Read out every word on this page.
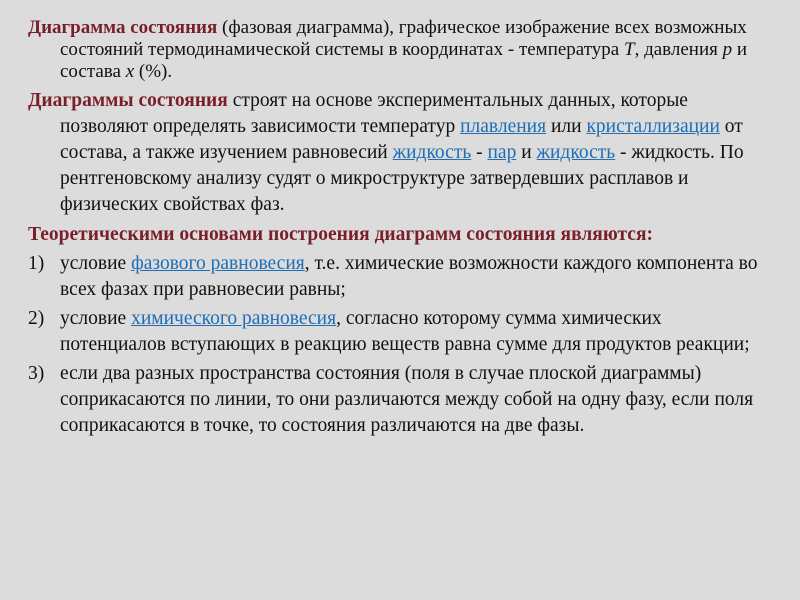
Диаграмма состояния (фазовая диаграмма), графическое изображение всех возможных состояний термодинамической системы в координатах - температура T, давления p и состава x (%).

Диаграммы состояния строят на основе экспериментальных данных, которые позволяют определять зависимости температур плавления или кристаллизации от состава, а также изучением равновесий жидкость - пар и жидкость - жидкость. По рентгеновскому анализу судят о микроструктуре затвердевших расплавов и физических свойствах фаз.

Теоретическими основами построения диаграмм состояния являются:

1) условие фазового равновесия, т.е. химические возможности каждого компонента во всех фазах при равновесии равны;
2) условие химического равновесия, согласно которому сумма химических потенциалов вступающих в реакцию веществ равна сумме для продуктов реакции;
3) если два разных пространства состояния (поля в случае плоской диаграммы) соприкасаются по линии, то они различаются между собой на одну фазу, если поля соприкасаются в точке, то состояния различаются на две фазы.
